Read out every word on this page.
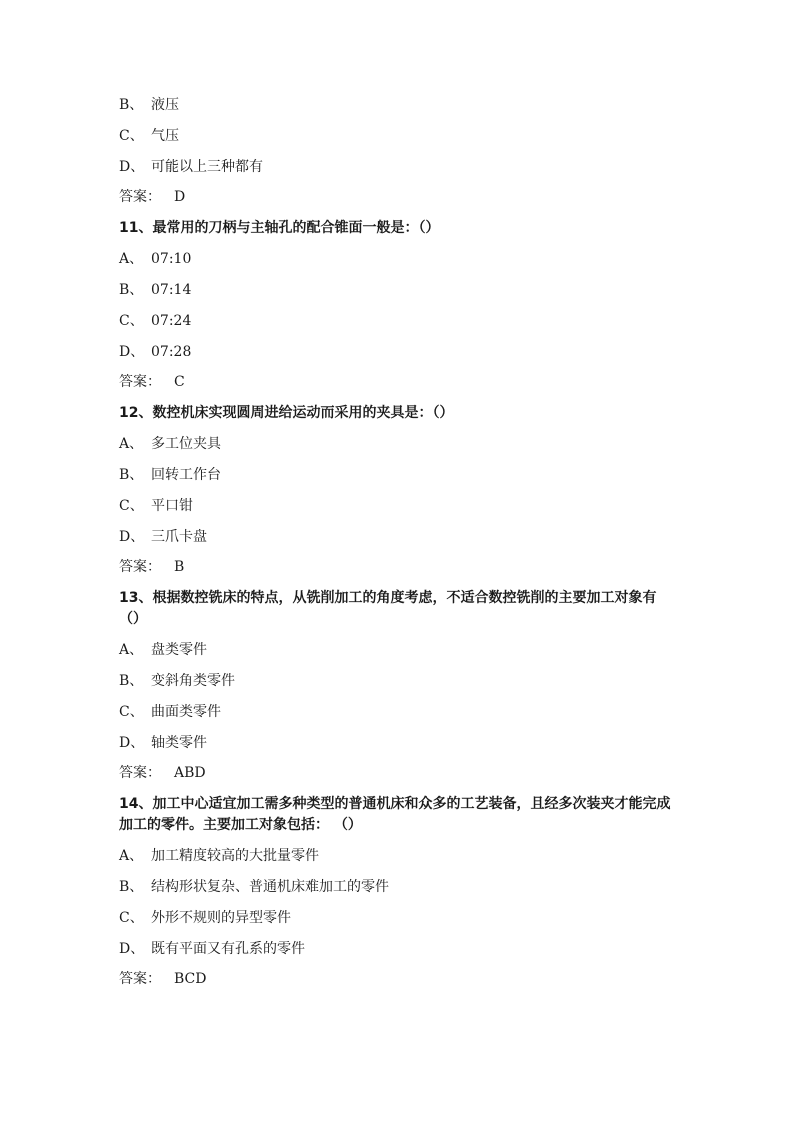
B、 液压
C、 气压
D、 可能以上三种都有
答案： D
11、最常用的刀柄与主轴孔的配合锥面一般是：（）
A、 07:10
B、 07:14
C、 07:24
D、 07:28
答案： C
12、数控机床实现圆周进给运动而采用的夹具是：（）
A、 多工位夹具
B、 回转工作台
C、 平口钳
D、 三爪卡盘
答案： B
13、根据数控铣床的特点，从铣削加工的角度考虑，不适合数控铣削的主要加工对象有 （）
A、 盘类零件
B、 变斜角类零件
C、 曲面类零件
D、 轴类零件
答案： ABD
14、加工中心适宜加工需多种类型的普通机床和众多的工艺装备，且经多次装夹才能完成加工的零件。主要加工对象包括： （）
A、 加工精度较高的大批量零件
B、 结构形状复杂、普通机床难加工的零件
C、 外形不规则的异型零件
D、 既有平面又有孔系的零件
答案： BCD
